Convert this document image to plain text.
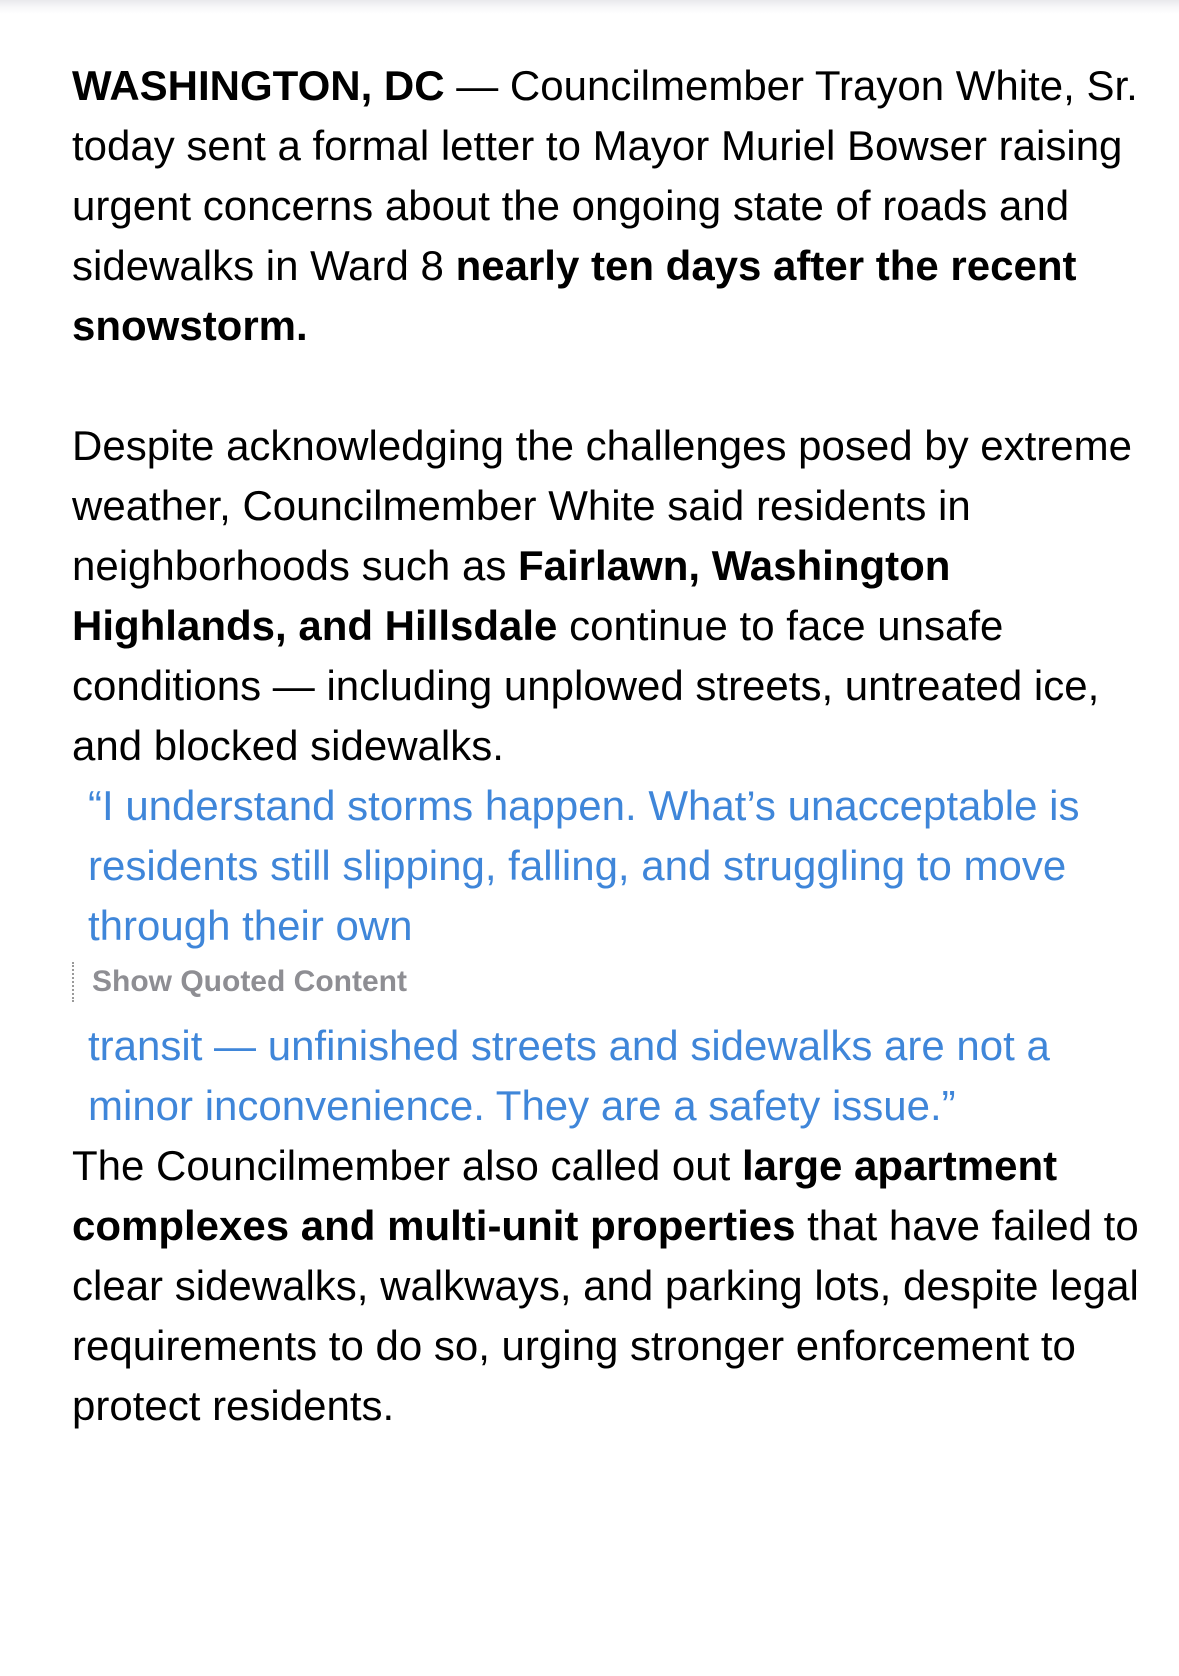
WASHINGTON, DC — Councilmember Trayon White, Sr. today sent a formal letter to Mayor Muriel Bowser raising urgent concerns about the ongoing state of roads and sidewalks in Ward 8 nearly ten days after the recent snowstorm.

Despite acknowledging the challenges posed by extreme weather, Councilmember White said residents in neighborhoods such as Fairlawn, Washington Highlands, and Hillsdale continue to face unsafe conditions — including unplowed streets, untreated ice, and blocked sidewalks.

“I understand storms happen. What’s unacceptable is residents still slipping, falling, and struggling to move through their own
Show Quoted Content
transit — unfinished streets and sidewalks are not a minor inconvenience. They are a safety issue.”

The Councilmember also called out large apartment complexes and multi-unit properties that have failed to clear sidewalks, walkways, and parking lots, despite legal requirements to do so, urging stronger enforcement to protect residents.
